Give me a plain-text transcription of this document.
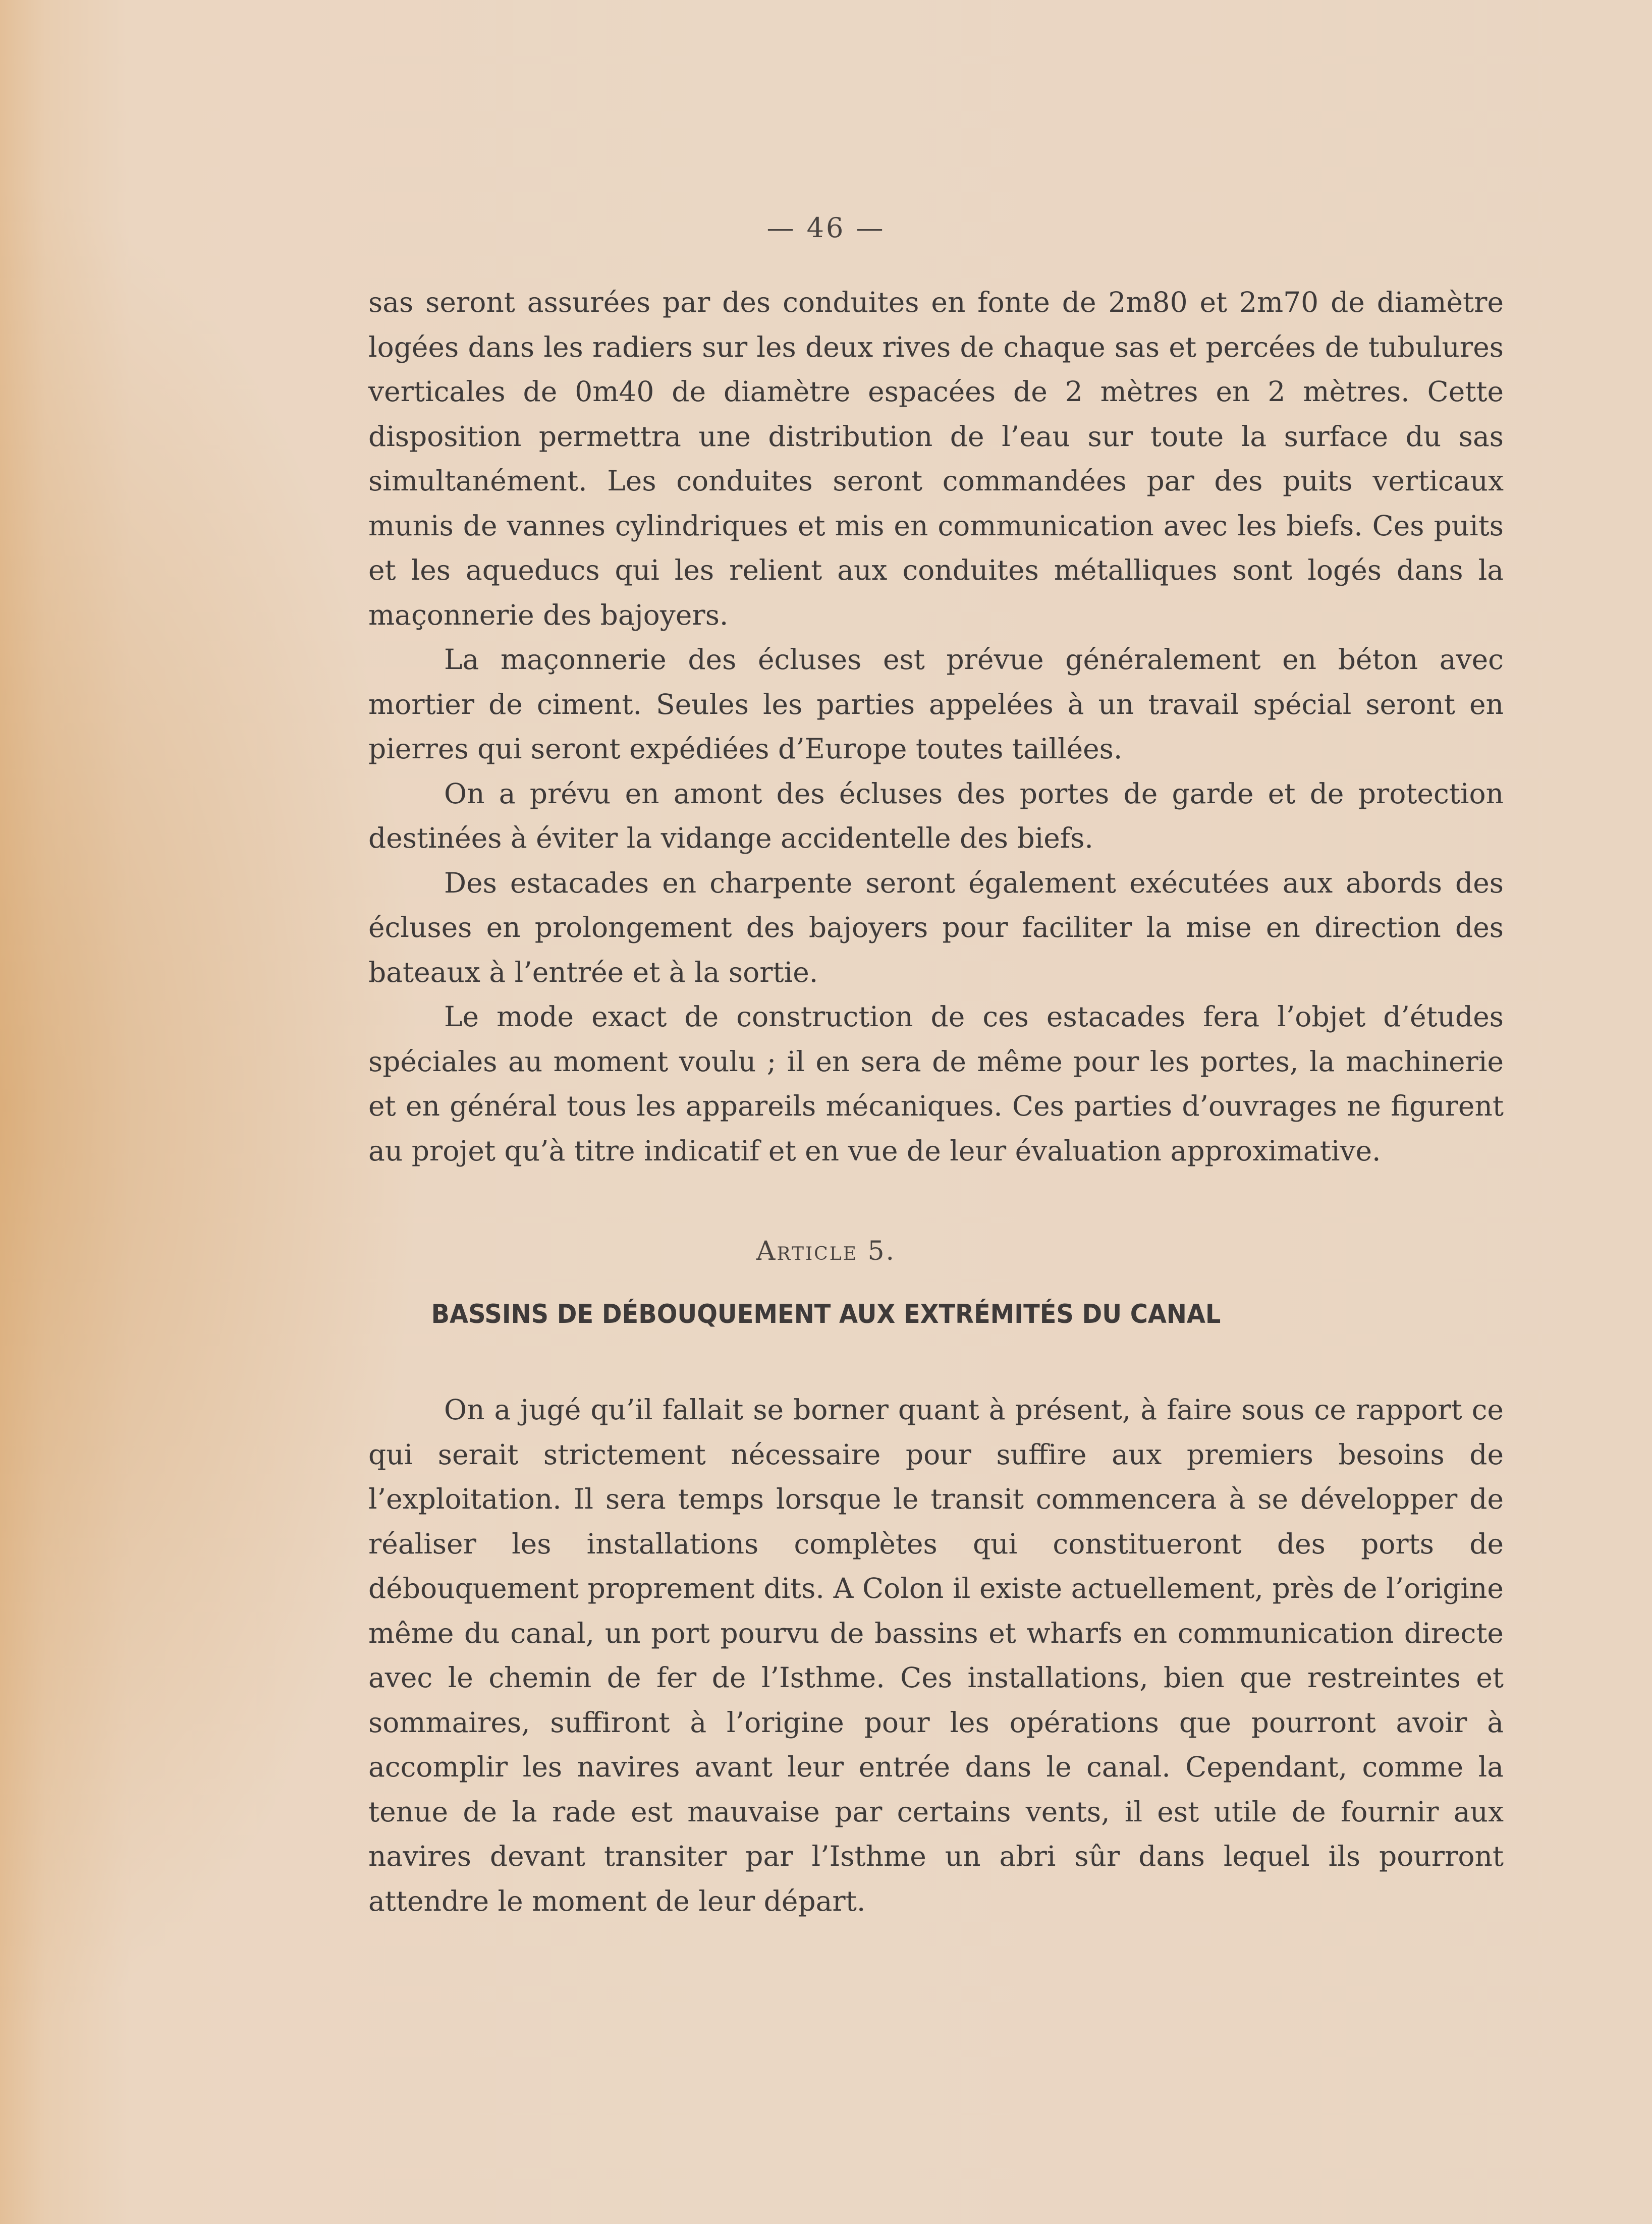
— 46 —

sas seront assurées par des conduites en fonte de 2m80 et 2m70 de diamètre logées dans les radiers sur les deux rives de chaque sas et percées de tubulures verticales de 0m40 de diamètre espacées de 2 mètres en 2 mètres. Cette disposition permettra une distribution de l’eau sur toute la surface du sas simultanément. Les conduites seront commandées par des puits verticaux munis de vannes cylindriques et mis en communication avec les biefs. Ces puits et les aqueducs qui les relient aux conduites métalliques sont logés dans la maçonnerie des bajoyers.

La maçonnerie des écluses est prévue généralement en béton avec mortier de ciment. Seules les parties appelées à un travail spécial seront en pierres qui seront expédiées d’Europe toutes taillées.

On a prévu en amont des écluses des portes de garde et de protection destinées à éviter la vidange accidentelle des biefs.

Des estacades en charpente seront également exécutées aux abords des écluses en prolongement des bajoyers pour faciliter la mise en direction des bateaux à l’entrée et à la sortie.

Le mode exact de construction de ces estacades fera l’objet d’études spéciales au moment voulu ; il en sera de même pour les portes, la machinerie et en général tous les appareils mécaniques. Ces parties d’ouvrages ne figurent au projet qu’à titre indicatif et en vue de leur évaluation approximative.

Article 5.
BASSINS DE DÉBOUQUEMENT AUX EXTRÉMITÉS DU CANAL

On a jugé qu’il fallait se borner quant à présent, à faire sous ce rapport ce qui serait strictement nécessaire pour suffire aux premiers besoins de l’exploitation. Il sera temps lorsque le transit commencera à se développer de réaliser les installations complètes qui constitueront des ports de débouquement proprement dits. A Colon il existe actuellement, près de l’origine même du canal, un port pourvu de bassins et wharfs en communication directe avec le chemin de fer de l’Isthme. Ces installations, bien que restreintes et sommaires, suffiront à l’origine pour les opérations que pourront avoir à accomplir les navires avant leur entrée dans le canal. Cependant, comme la tenue de la rade est mauvaise par certains vents, il est utile de fournir aux navires devant transiter par l’Isthme un abri sûr dans lequel ils pourront attendre le moment de leur départ.
